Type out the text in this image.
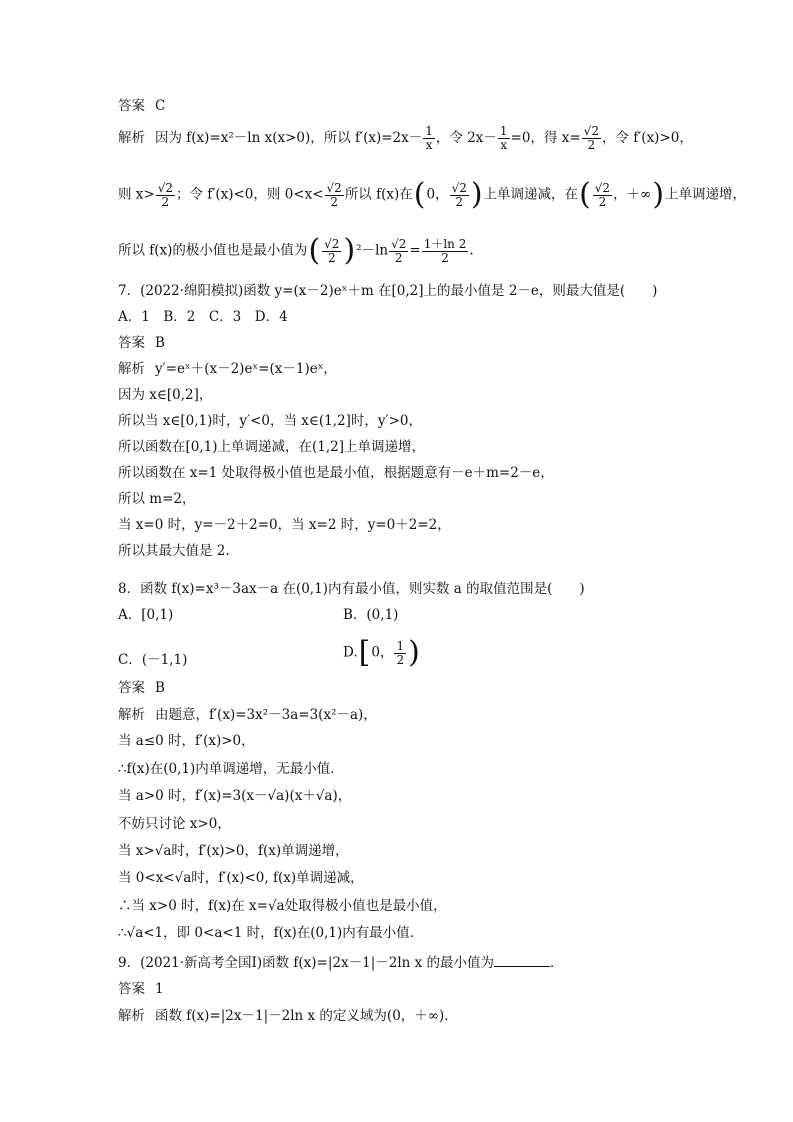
答案 C
解析 因为 f(x)=x²－ln x(x>0)，所以 $f'(x)=2x- \frac{1}{x}$ ，令 $2x- \frac{1}{x} =0$，得 $x= \frac{√2}{2}$ ，令 f′(x)>0，
则 $x> \frac{√2}{2}$ ；令 f′(x)<0，则 $0<x< \frac{√2}{2}$ 所以 f(x)在(0， $\frac{√2}{2}$ )上单调递减，在( $\frac{√2}{2}$ ，＋∞)上单调递增，
所以 f(x)的极小值也是最小值为( $\frac{√2}{2} )^2-\ln \frac{√2}{2} = \frac{1+\ln 2}{2}$ .
7．(2022·绵阳模拟)函数 y=(x－2)eˣ＋m 在[0,2]上的最小值是 2－e，则最大值是(　　)
A．1　B．2　C．3　D．4
答案 B
解析 y′=eˣ＋(x－2)eˣ=(x－1)eˣ，
因为 x∈[0,2]，
所以当 x∈[0,1)时，y′<0，当 x∈(1,2]时，y′>0，
所以函数在[0,1)上单调递减，在(1,2]上单调递增，
所以函数在 x=1 处取得极小值也是最小值，根据题意有－e＋m=2－e，
所以 m=2，
当 x=0 时，y=－2＋2=0，当 x=2 时，y=0＋2=2，
所以其最大值是 2.
8．函数 f(x)=x³－3ax－a 在(0,1)内有最小值，则实数 a 的取值范围是(　　)
A．[0,1)	B．(0,1)
C．(－1,1)	D.[0， $\frac{1}{2}$ )
答案 B
解析 由题意，f′(x)=3x²－3a=3(x²－a)，
当 a≤0 时，f′(x)>0，
∴f(x)在(0,1)内单调递增，无最小值．
当 a>0 时，f′(x)=3(x－√a)(x＋√a)，
不妨只讨论 x>0，
当 x>√a时，f′(x)>0，f(x)单调递增，
当 0<x<√a时，f′(x)<0, f(x)单调递减，
∴当 x>0 时，f(x)在 x=√a处取得极小值也是最小值，
∴√a<1，即 0<a<1 时，f(x)在(0,1)内有最小值．
9．(2021·新高考全国Ⅰ)函数 f(x)=|2x－1|－2ln x 的最小值为	．
答案 1
解析 函数 f(x)=|2x－1|－2ln x 的定义域为(0，＋∞)．
